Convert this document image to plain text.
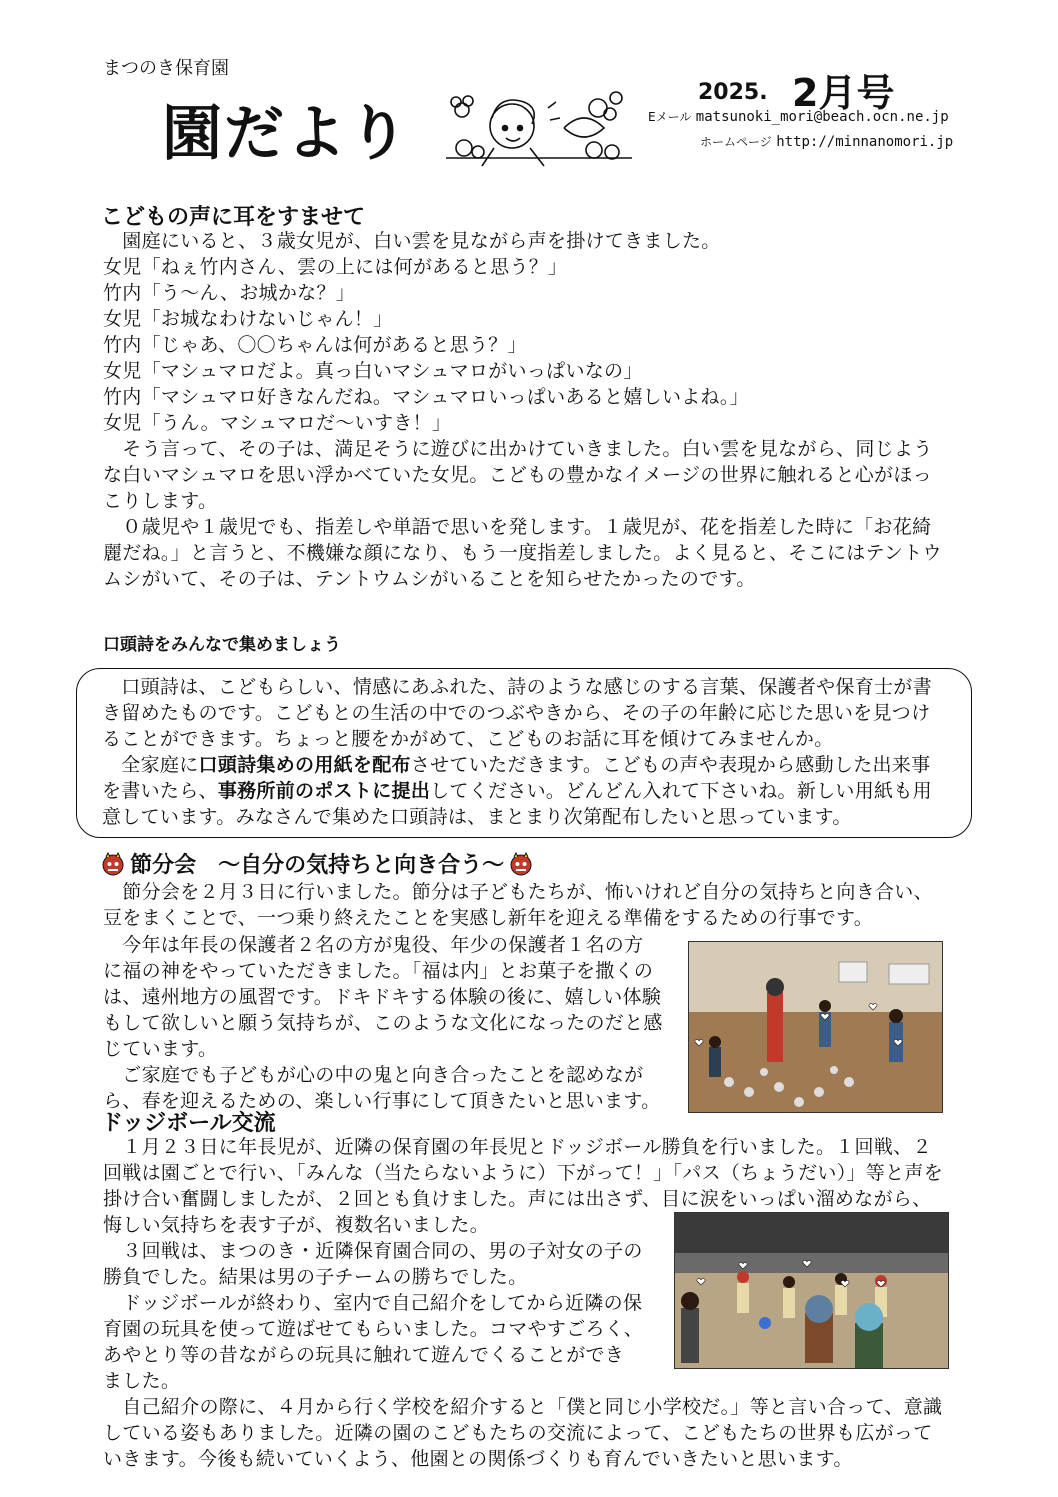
まつのき保育園
園だより
2025. 2月号
Eメール matsunoki_mori@beach.ocn.ne.jp
ホームページ http://minnanomori.jp
こどもの声に耳をすませて
　園庭にいると、３歳女児が、白い雲を見ながら声を掛けてきました。
女児「ねぇ竹内さん、雲の上には何があると思う？」
竹内「う〜ん、お城かな？」
女児「お城なわけないじゃん！」
竹内「じゃあ、〇〇ちゃんは何があると思う？」
女児「マシュマロだよ。真っ白いマシュマロがいっぱいなの」
竹内「マシュマロ好きなんだね。マシュマロいっぱいあると嬉しいよね。」
女児「うん。マシュマロだ〜いすき！」
　そう言って、その子は、満足そうに遊びに出かけていきました。白い雲を見ながら、同じよう
な白いマシュマロを思い浮かべていた女児。こどもの豊かなイメージの世界に触れると心がほっ
こりします。
　０歳児や１歳児でも、指差しや単語で思いを発します。１歳児が、花を指差した時に「お花綺
麗だね。」と言うと、不機嫌な顔になり、もう一度指差しました。よく見ると、そこにはテントウ
ムシがいて、その子は、テントウムシがいることを知らせたかったのです。
口頭詩をみんなで集めましょう
　口頭詩は、こどもらしい、情感にあふれた、詩のような感じのする言葉、保護者や保育士が書
き留めたものです。こどもとの生活の中でのつぶやきから、その子の年齢に応じた思いを見つけ
ることができます。ちょっと腰をかがめて、こどものお話に耳を傾けてみませんか。
　全家庭に口頭詩集めの用紙を配布させていただきます。こどもの声や表現から感動した出来事
を書いたら、事務所前のポストに提出してください。どんどん入れて下さいね。新しい用紙も用
意しています。みなさんで集めた口頭詩は、まとまり次第配布したいと思っています。
節分会　～自分の気持ちと向き合う～
　節分会を２月３日に行いました。節分は子どもたちが、怖いけれど自分の気持ちと向き合い、
豆をまくことで、一つ乗り終えたことを実感し新年を迎える準備をするための行事です。
　今年は年長の保護者２名の方が鬼役、年少の保護者１名の方
に福の神をやっていただきました。「福は内」とお菓子を撒くの
は、遠州地方の風習です。ドキドキする体験の後に、嬉しい体験
もして欲しいと願う気持ちが、このような文化になったのだと感
じています。
　ご家庭でも子どもが心の中の鬼と向き合ったことを認めなが
ら、春を迎えるための、楽しい行事にして頂きたいと思います。
ドッジボール交流
　１月２３日に年長児が、近隣の保育園の年長児とドッジボール勝負を行いました。１回戦、２
回戦は園ごとで行い、「みんな（当たらないように）下がって！」「パス（ちょうだい）」等と声を
掛け合い奮闘しましたが、２回とも負けました。声には出さず、目に涙をいっぱい溜めながら、
悔しい気持ちを表す子が、複数名いました。
　３回戦は、まつのき・近隣保育園合同の、男の子対女の子の
勝負でした。結果は男の子チームの勝ちでした。
　ドッジボールが終わり、室内で自己紹介をしてから近隣の保
育園の玩具を使って遊ばせてもらいました。コマやすごろく、
あやとり等の昔ながらの玩具に触れて遊んでくることができ
ました。
　自己紹介の際に、４月から行く学校を紹介すると「僕と同じ小学校だ。」等と言い合って、意識
している姿もありました。近隣の園のこどもたちの交流によって、こどもたちの世界も広がって
いきます。今後も続いていくよう、他園との関係づくりも育んでいきたいと思います。
